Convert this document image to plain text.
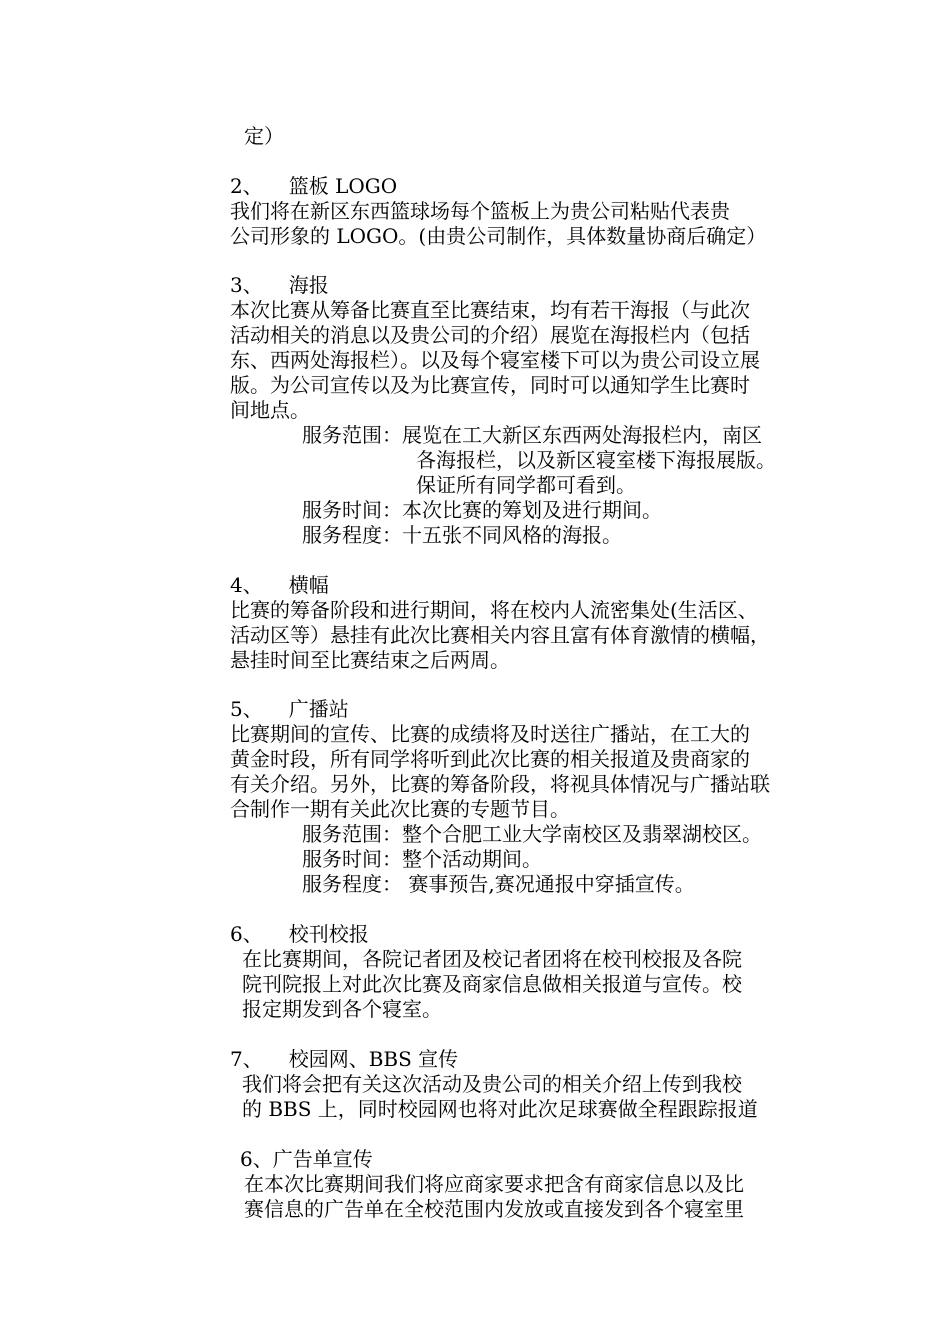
定）
2、 篮板 LOGO
我们将在新区东西篮球场每个篮板上为贵公司粘贴代表贵
公司形象的 LOGO。(由贵公司制作，具体数量协商后确定）
3、 海报
本次比赛从筹备比赛直至比赛结束，均有若干海报（与此次
活动相关的消息以及贵公司的介绍）展览在海报栏内（包括
东、西两处海报栏）。以及每个寝室楼下可以为贵公司设立展
版。为公司宣传以及为比赛宣传，同时可以通知学生比赛时
间地点。
服务范围：展览在工大新区东西两处海报栏内，南区
各海报栏，以及新区寝室楼下海报展版。
保证所有同学都可看到。
服务时间：本次比赛的筹划及进行期间。
服务程度：十五张不同风格的海报。
4、 横幅
比赛的筹备阶段和进行期间，将在校内人流密集处(生活区、
活动区等）悬挂有此次比赛相关内容且富有体育激情的横幅，
悬挂时间至比赛结束之后两周。
5、 广播站
比赛期间的宣传、比赛的成绩将及时送往广播站，在工大的
黄金时段，所有同学将听到此次比赛的相关报道及贵商家的
有关介绍。另外，比赛的筹备阶段，将视具体情况与广播站联
合制作一期有关此次比赛的专题节目。
服务范围：整个合肥工业大学南校区及翡翠湖校区。
服务时间：整个活动期间。
服务程度： 赛事预告,赛况通报中穿插宣传。
6、 校刊校报
在比赛期间，各院记者团及校记者团将在校刊校报及各院
院刊院报上对此次比赛及商家信息做相关报道与宣传。校
报定期发到各个寝室。
7、 校园网、BBS 宣传
我们将会把有关这次活动及贵公司的相关介绍上传到我校
的 BBS 上，同时校园网也将对此次足球赛做全程跟踪报道
6、广告单宣传
在本次比赛期间我们将应商家要求把含有商家信息以及比
赛信息的广告单在全校范围内发放或直接发到各个寝室里
